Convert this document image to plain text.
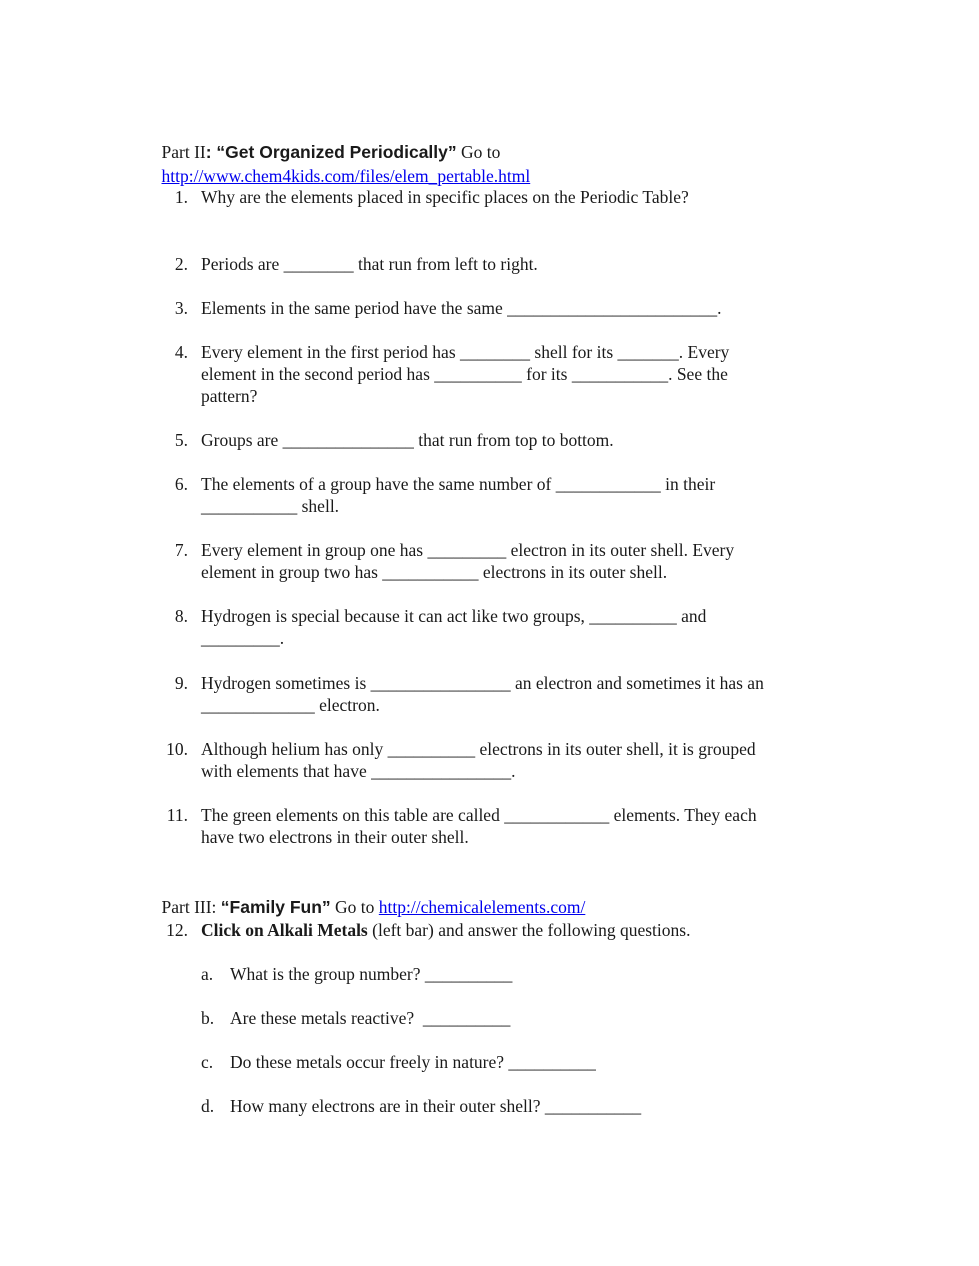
Part II: “Get Organized Periodically” Go to

http://www.chem4kids.com/files/elem_pertable.html

1. Why are the elements placed in specific places on the Periodic Table?
2. Periods are ________ that run from left to right.
3. Elements in the same period have the same ________________________.
4. Every element in the first period has ________ shell for its _______. Every
element in the second period has __________ for its ___________. See the
pattern?
5. Groups are _______________ that run from top to bottom.
6. The elements of a group have the same number of ____________ in their
___________ shell.
7. Every element in group one has _________ electron in its outer shell. Every
element in group two has ___________ electrons in its outer shell.
8. Hydrogen is special because it can act like two groups, __________ and
_________.
9. Hydrogen sometimes is ________________ an electron and sometimes it has an
_____________ electron.
10. Although helium has only __________ electrons in its outer shell, it is grouped
with elements that have ________________.
11. The green elements on this table are called ____________ elements. They each
have two electrons in their outer shell.

Part III: “Family Fun” Go to http://chemicalelements.com/

12. Click on Alkali Metals (left bar) and answer the following questions.
a. What is the group number? __________
b. Are these metals reactive?  __________
c. Do these metals occur freely in nature? __________
d. How many electrons are in their outer shell? ___________
